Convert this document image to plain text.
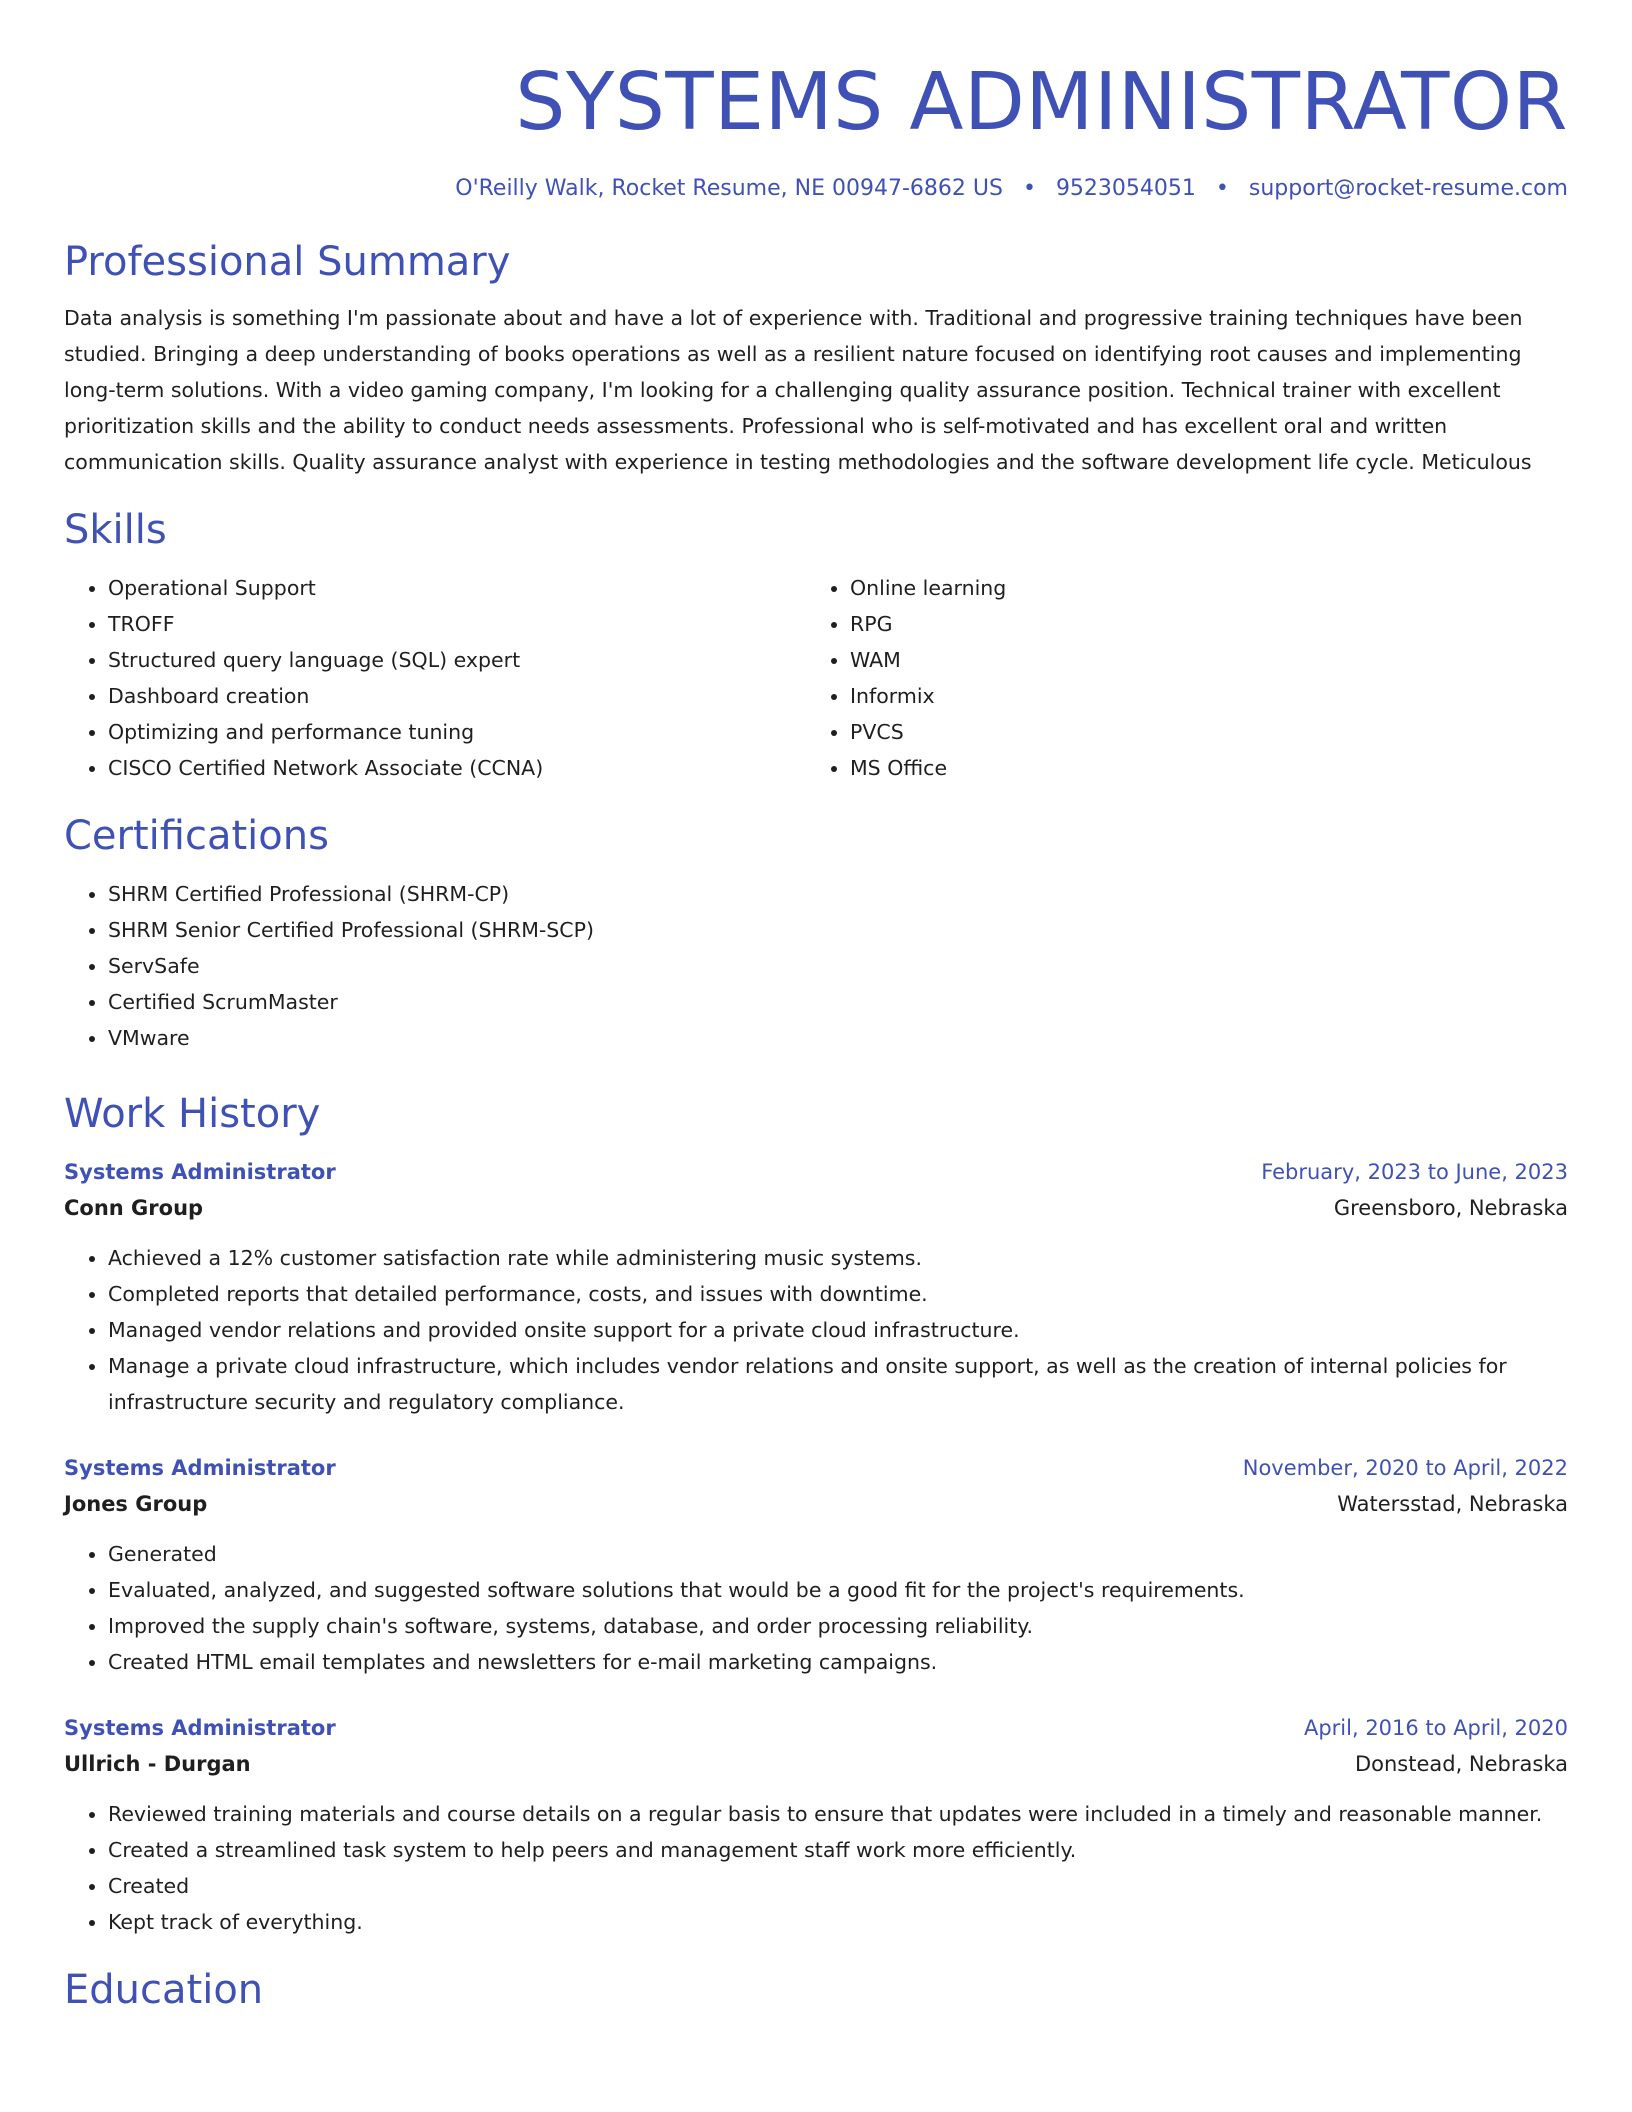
SYSTEMS ADMINISTRATOR
O'Reilly Walk, Rocket Resume, NE 00947-6862 US • 9523054051 • support@rocket-resume.com
Professional Summary
Data analysis is something I'm passionate about and have a lot of experience with. Traditional and progressive training techniques have been studied. Bringing a deep understanding of books operations as well as a resilient nature focused on identifying root causes and implementing long-term solutions. With a video gaming company, I'm looking for a challenging quality assurance position. Technical trainer with excellent prioritization skills and the ability to conduct needs assessments. Professional who is self-motivated and has excellent oral and written communication skills. Quality assurance analyst with experience in testing methodologies and the software development life cycle. Meticulous
Skills
• Operational Support
• TROFF
• Structured query language (SQL) expert
• Dashboard creation
• Optimizing and performance tuning
• CISCO Certified Network Associate (CCNA)
• Online learning
• RPG
• WAM
• Informix
• PVCS
• MS Office
Certifications
• SHRM Certified Professional (SHRM-CP)
• SHRM Senior Certified Professional (SHRM-SCP)
• ServSafe
• Certified ScrumMaster
• VMware
Work History
Systems Administrator	February, 2023 to June, 2023
Conn Group	Greensboro, Nebraska
• Achieved a 12% customer satisfaction rate while administering music systems.
• Completed reports that detailed performance, costs, and issues with downtime.
• Managed vendor relations and provided onsite support for a private cloud infrastructure.
• Manage a private cloud infrastructure, which includes vendor relations and onsite support, as well as the creation of internal policies for infrastructure security and regulatory compliance.
Systems Administrator	November, 2020 to April, 2022
Jones Group	Watersstad, Nebraska
• Generated
• Evaluated, analyzed, and suggested software solutions that would be a good fit for the project's requirements.
• Improved the supply chain's software, systems, database, and order processing reliability.
• Created HTML email templates and newsletters for e-mail marketing campaigns.
Systems Administrator	April, 2016 to April, 2020
Ullrich - Durgan	Donstead, Nebraska
• Reviewed training materials and course details on a regular basis to ensure that updates were included in a timely and reasonable manner.
• Created a streamlined task system to help peers and management staff work more efficiently.
• Created
• Kept track of everything.
Education
